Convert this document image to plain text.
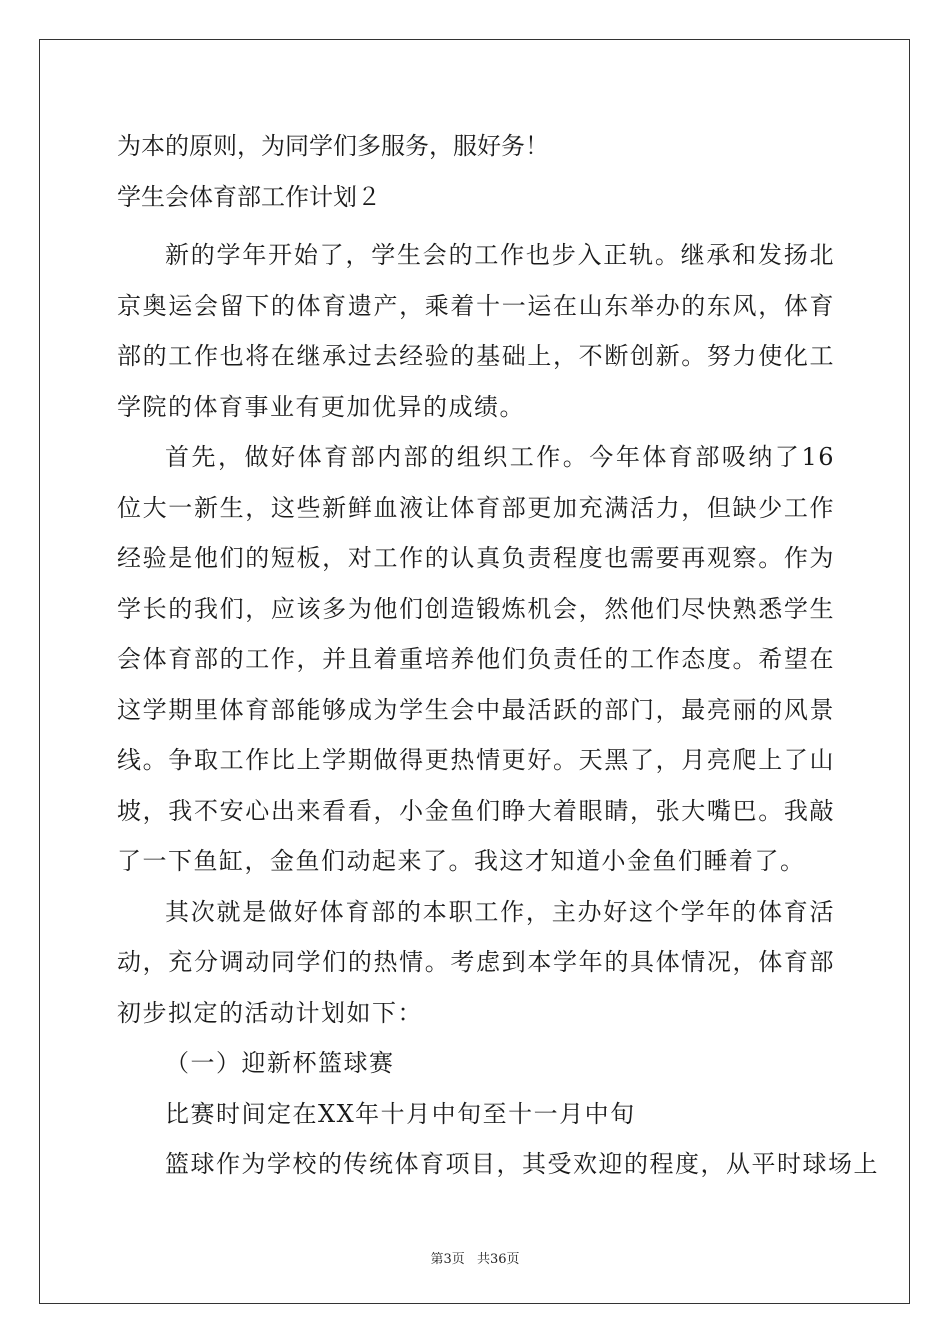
为本的原则，为同学们多服务，服好务！

学生会体育部工作计划２

新的学年开始了，学生会的工作也步入正轨。继承和发扬北京奥运会留下的体育遗产，乘着十一运在山东举办的东风，体育部的工作也将在继承过去经验的基础上，不断创新。努力使化工学院的体育事业有更加优异的成绩。

首先，做好体育部内部的组织工作。今年体育部吸纳了16位大一新生，这些新鲜血液让体育部更加充满活力，但缺少工作经验是他们的短板，对工作的认真负责程度也需要再观察。作为学长的我们，应该多为他们创造锻炼机会，然他们尽快熟悉学生会体育部的工作，并且着重培养他们负责任的工作态度。希望在这学期里体育部能够成为学生会中最活跃的部门，最亮丽的风景线。争取工作比上学期做得更热情更好。天黑了，月亮爬上了山坡，我不安心出来看看，小金鱼们睁大着眼睛，张大嘴巴。我敲了一下鱼缸，金鱼们动起来了。我这才知道小金鱼们睡着了。

其次就是做好体育部的本职工作，主办好这个学年的体育活动，充分调动同学们的热情。考虑到本学年的具体情况，体育部初步拟定的活动计划如下：

（一）迎新杯篮球赛

比赛时间定在XX年十月中旬至十一月中旬

篮球作为学校的传统体育项目，其受欢迎的程度，从平时球场上

第3页 共36页
